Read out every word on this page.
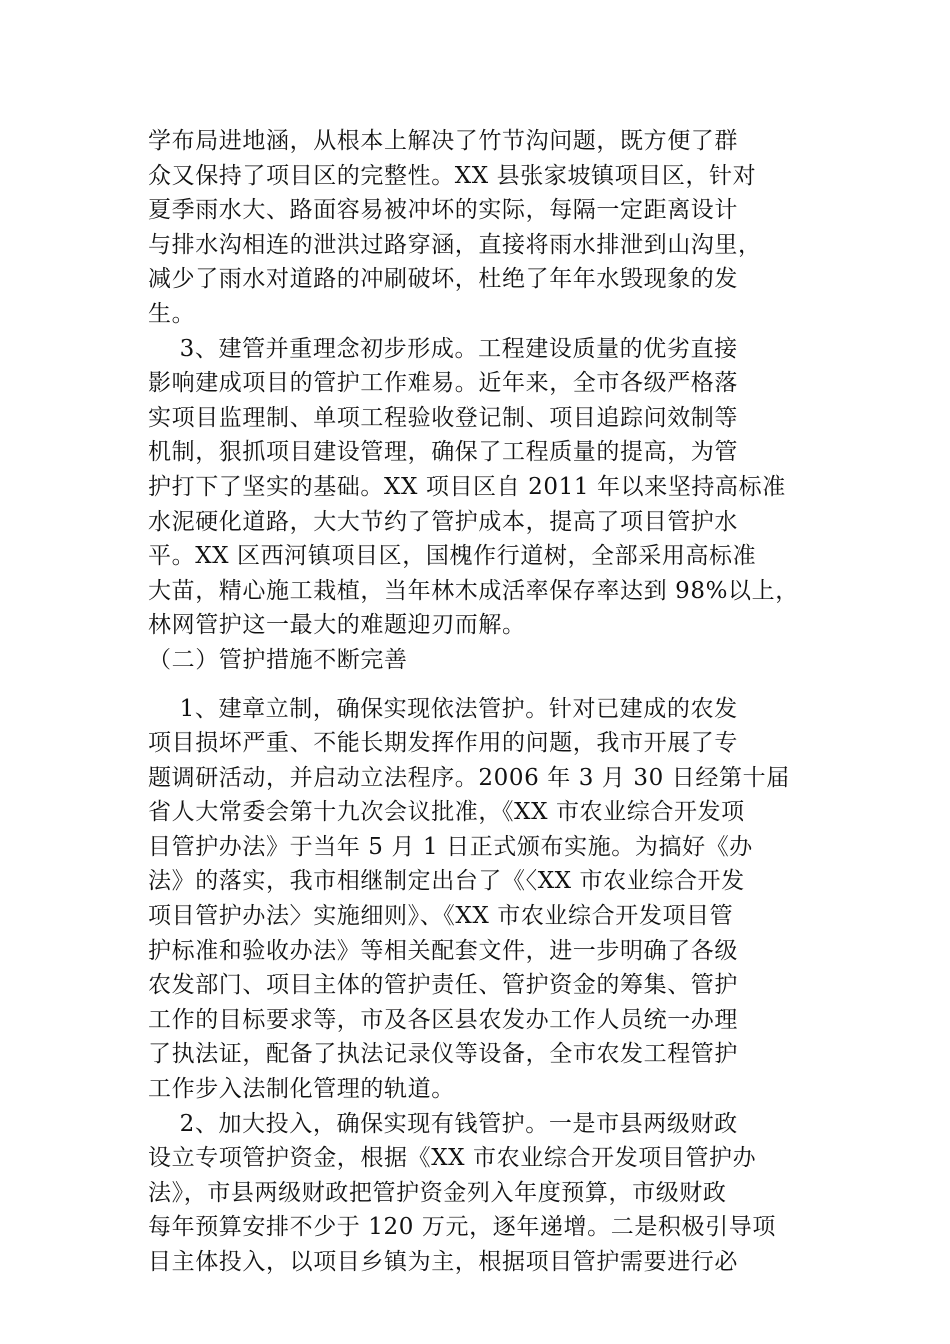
学布局进地涵，从根本上解决了竹节沟问题，既方便了群
众又保持了项目区的完整性。XX 县张家坡镇项目区，针对
夏季雨水大、路面容易被冲坏的实际，每隔一定距离设计
与排水沟相连的泄洪过路穿涵，直接将雨水排泄到山沟里，
减少了雨水对道路的冲刷破坏，杜绝了年年水毁现象的发
生。
3、建管并重理念初步形成。工程建设质量的优劣直接
影响建成项目的管护工作难易。近年来，全市各级严格落
实项目监理制、单项工程验收登记制、项目追踪问效制等
机制，狠抓项目建设管理，确保了工程质量的提高，为管
护打下了坚实的基础。XX 项目区自 2011 年以来坚持高标准
水泥硬化道路，大大节约了管护成本，提高了项目管护水
平。XX 区西河镇项目区，国槐作行道树，全部采用高标准
大苗，精心施工栽植，当年林木成活率保存率达到 98%以上，
林网管护这一最大的难题迎刃而解。
（二）管护措施不断完善
1、建章立制，确保实现依法管护。针对已建成的农发
项目损坏严重、不能长期发挥作用的问题，我市开展了专
题调研活动，并启动立法程序。2006 年 3 月 30 日经第十届
省人大常委会第十九次会议批准，《XX 市农业综合开发项
目管护办法》于当年 5 月 1 日正式颁布实施。为搞好《办
法》的落实，我市相继制定出台了《〈XX 市农业综合开发
项目管护办法〉实施细则》、《XX 市农业综合开发项目管
护标准和验收办法》等相关配套文件，进一步明确了各级
农发部门、项目主体的管护责任、管护资金的筹集、管护
工作的目标要求等，市及各区县农发办工作人员统一办理
了执法证，配备了执法记录仪等设备，全市农发工程管护
工作步入法制化管理的轨道。
2、加大投入，确保实现有钱管护。一是市县两级财政
设立专项管护资金，根据《XX 市农业综合开发项目管护办
法》，市县两级财政把管护资金列入年度预算，市级财政
每年预算安排不少于 120 万元，逐年递增。二是积极引导项
目主体投入，以项目乡镇为主，根据项目管护需要进行必
